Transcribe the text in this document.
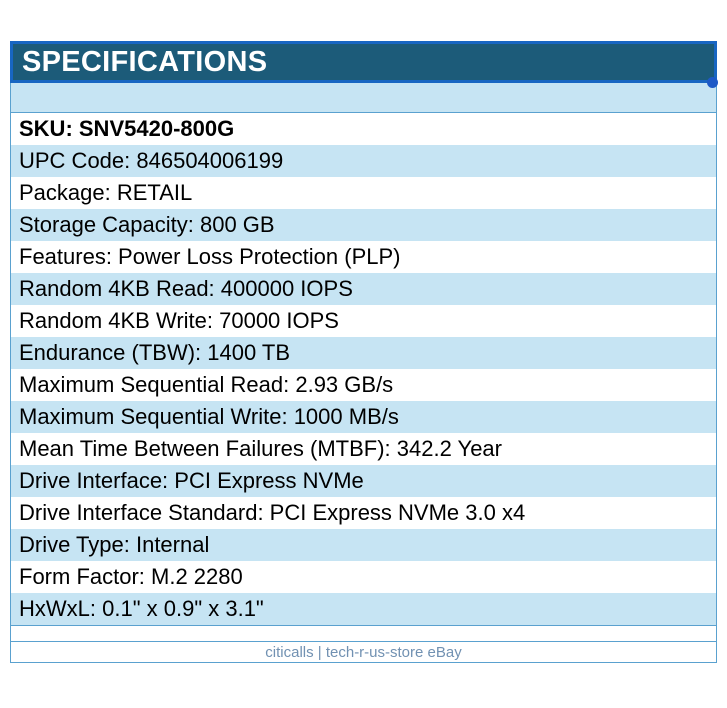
SPECIFICATIONS
SKU: SNV5420-800G
UPC Code: 846504006199
Package: RETAIL
Storage Capacity: 800 GB
Features: Power Loss Protection (PLP)
Random 4KB Read: 400000 IOPS
Random 4KB Write: 70000 IOPS
Endurance (TBW): 1400 TB
Maximum Sequential Read: 2.93 GB/s
Maximum Sequential Write: 1000 MB/s
Mean Time Between Failures (MTBF): 342.2 Year
Drive Interface: PCI Express NVMe
Drive Interface Standard: PCI Express NVMe 3.0 x4
Drive Type: Internal
Form Factor: M.2 2280
HxWxL: 0.1" x 0.9" x 3.1"
citicalls | tech-r-us-store eBay
